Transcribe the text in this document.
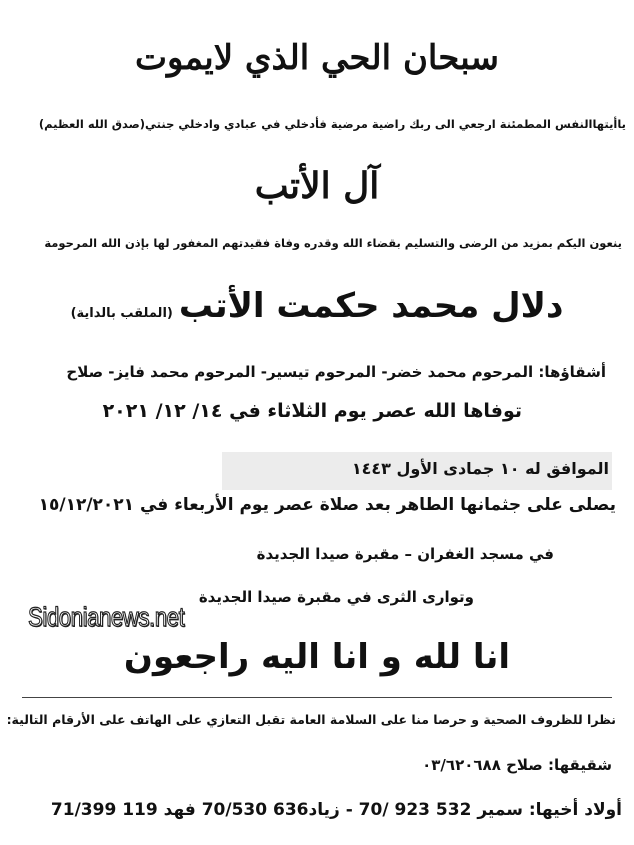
سبحان الحي الذي لايموت
ياأيتهاالنفس المطمئنة ارجعي الى ربك راضية مرضية فأدخلي في عبادي وادخلي جنتي(صدق الله العظيم)
آل الأتب
ينعون اليكم بمزيد من الرضى والتسليم بقضاء الله وقدره وفاة فقيدتهم المغفور لها بإذن الله المرحومة
دلال محمد حكمت الأتب(الملقب بالداية)
أشقاؤها: المرحوم محمد خضر- المرحوم تيسير- المرحوم محمد فايز- صلاح
توفاها الله عصر يوم الثلاثاء في ١٤/ ١٢/ ٢٠٢١
الموافق له ١٠ جمادى الأول ١٤٤٣
يصلى على جثمانها الطاهر بعد صلاة عصر يوم الأربعاء في ١٥/١٢/٢٠٢١
في مسجد الغفران – مقبرة صيدا الجديدة
وتوارى الثرى في مقبرة صيدا الجديدة
Sidonianews.net
انا لله و انا اليه راجعون
نظرا للظروف الصحية و حرصا منا على السلامة العامة تقبل التعازي على الهاتف على الأرقام التالية:
شقيقها: صلاح ٠٣/٦٢٠٦٨٨
أولاد أخيها: سمير 532 923 /70 - زياد636 70/530 فهد 119 71/399
